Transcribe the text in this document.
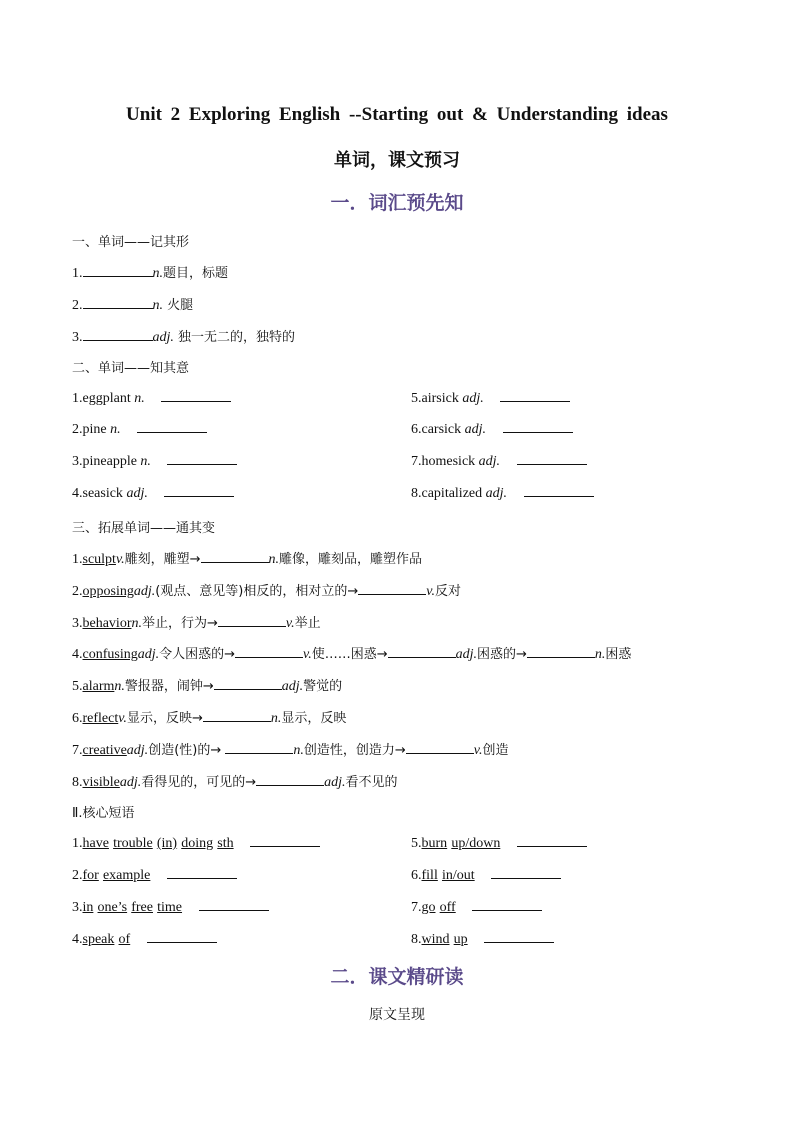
Unit 2 Exploring English --Starting out & Understanding ideas
单词，课文预习
一．词汇预先知
一、单词——记其形
1.	n.题目，标题
2.	n. 火腿
3.	adj. 独一无二的，独特的
二、单词——知其意
1.eggplant n.
2.pine n.
3.pineapple n.
4.seasick adj.
5.airsick adj.
6.carsick adj.
7.homesick adj.
8.capitalized adj.
三、拓展单词——通其变
1.sculptv.雕刻，雕塑→	n.雕像，雕刻品，雕塑作品
2.opposingadj.(观点、意见等)相反的，相对立的→	v.反对
3.behaviorn.举止，行为→	v.举止
4.confusingadj.令人困惑的→	v.使……困惑→	adj.困惑的→	n.困惑
5.alarmn.警报器，闹钟→	adj.警觉的
6.reflectv.显示，反映→	n.显示，反映
7.creativeadj.创造(性)的→	n.创造性，创造力→	v.创造
8.visibleadj.看得见的，可见的→	adj.看不见的
Ⅱ.核心短语
1.have trouble (in) doing sth
2.for example
3.in one’s free time
4.speak of
5.burn up/down
6.fill in/out
7.go off
8.wind up
二．课文精研读
原文呈现
